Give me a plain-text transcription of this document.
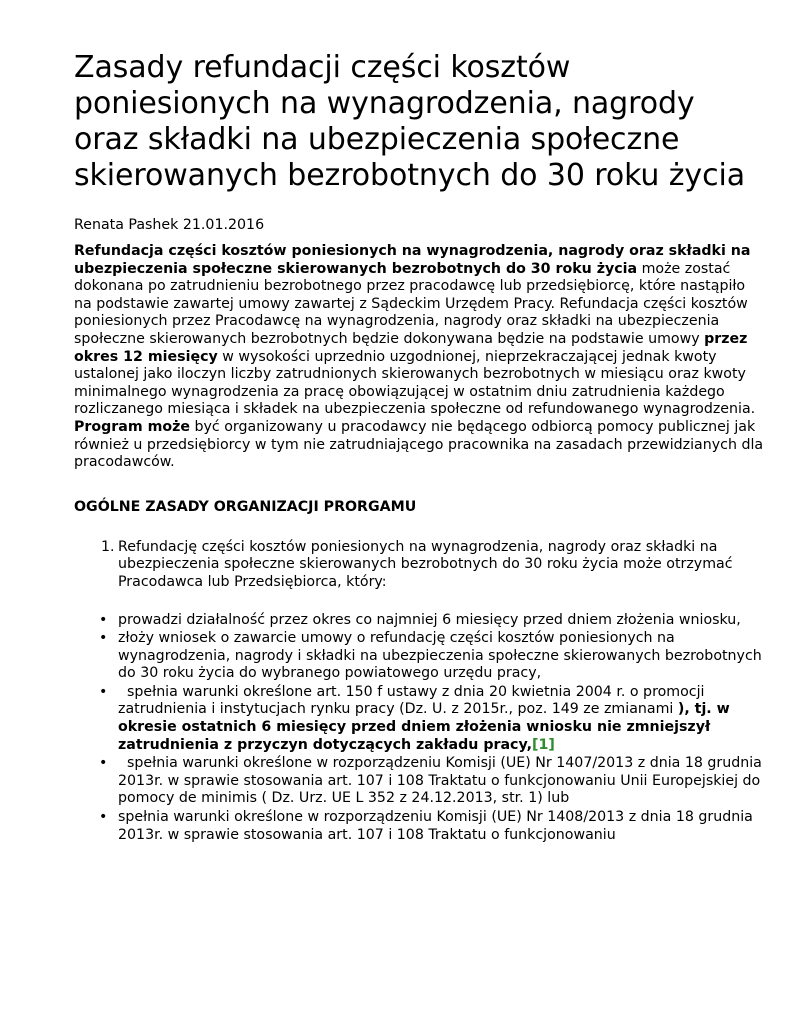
Zasady refundacji części kosztów poniesionych na wynagrodzenia, nagrody oraz składki na ubezpieczenia społeczne skierowanych bezrobotnych do 30 roku życia
Renata Pashek 21.01.2016

Refundacja części kosztów poniesionych na wynagrodzenia, nagrody oraz składki na ubezpieczenia społeczne skierowanych bezrobotnych do 30 roku życia może zostać dokonana po zatrudnieniu bezrobotnego przez pracodawcę lub przedsiębiorcę, które nastąpiło na podstawie zawartej umowy zawartej z Sądeckim Urzędem Pracy. Refundacja części kosztów poniesionych przez Pracodawcę na wynagrodzenia, nagrody oraz składki na ubezpieczenia społeczne skierowanych bezrobotnych będzie dokonywana będzie na podstawie umowy przez okres 12 miesięcy w wysokości uprzednio uzgodnionej, nieprzekraczającej jednak kwoty ustalonej jako iloczyn liczby zatrudnionych skierowanych bezrobotnych w miesiącu oraz kwoty minimalnego wynagrodzenia za pracę obowiązującej w ostatnim dniu zatrudnienia każdego rozliczanego miesiąca i składek na ubezpieczenia społeczne od refundowanego wynagrodzenia.

Program może być organizowany u pracodawcy nie będącego odbiorcą pomocy publicznej jak również u przedsiębiorcy w tym nie zatrudniającego pracownika na zasadach przewidzianych dla pracodawców.

OGÓLNE ZASADY ORGANIZACJI PRORGAMU
1. Refundację części kosztów poniesionych na wynagrodzenia, nagrody oraz składki na ubezpieczenia społeczne skierowanych bezrobotnych do 30 roku życia może otrzymać Pracodawca lub Przedsiębiorca, który:
• prowadzi działalność przez okres co najmniej 6 miesięcy przed dniem złożenia wniosku,
• złoży wniosek o zawarcie umowy o refundację części kosztów poniesionych na wynagrodzenia, nagrody i składki na ubezpieczenia społeczne skierowanych bezrobotnych do 30 roku życia do wybranego powiatowego urzędu pracy,
• spełnia warunki określone art. 150 f ustawy z dnia 20 kwietnia 2004 r. o promocji zatrudnienia i instytucjach rynku pracy (Dz. U. z 2015r., poz. 149 ze zmianami ), tj. w okresie ostatnich 6 miesięcy przed dniem złożenia wniosku nie zmniejszył zatrudnienia z przyczyn dotyczących zakładu pracy,[1]
• spełnia warunki określone w rozporządzeniu Komisji (UE) Nr 1407/2013 z dnia 18 grudnia 2013r. w sprawie stosowania art. 107 i 108 Traktatu o funkcjonowaniu Unii Europejskiej do pomocy de minimis ( Dz. Urz. UE L 352 z 24.12.2013, str. 1) lub
• spełnia warunki określone w rozporządzeniu Komisji (UE) Nr 1408/2013 z dnia 18 grudnia 2013r. w sprawie stosowania art. 107 i 108 Traktatu o funkcjonowaniu
